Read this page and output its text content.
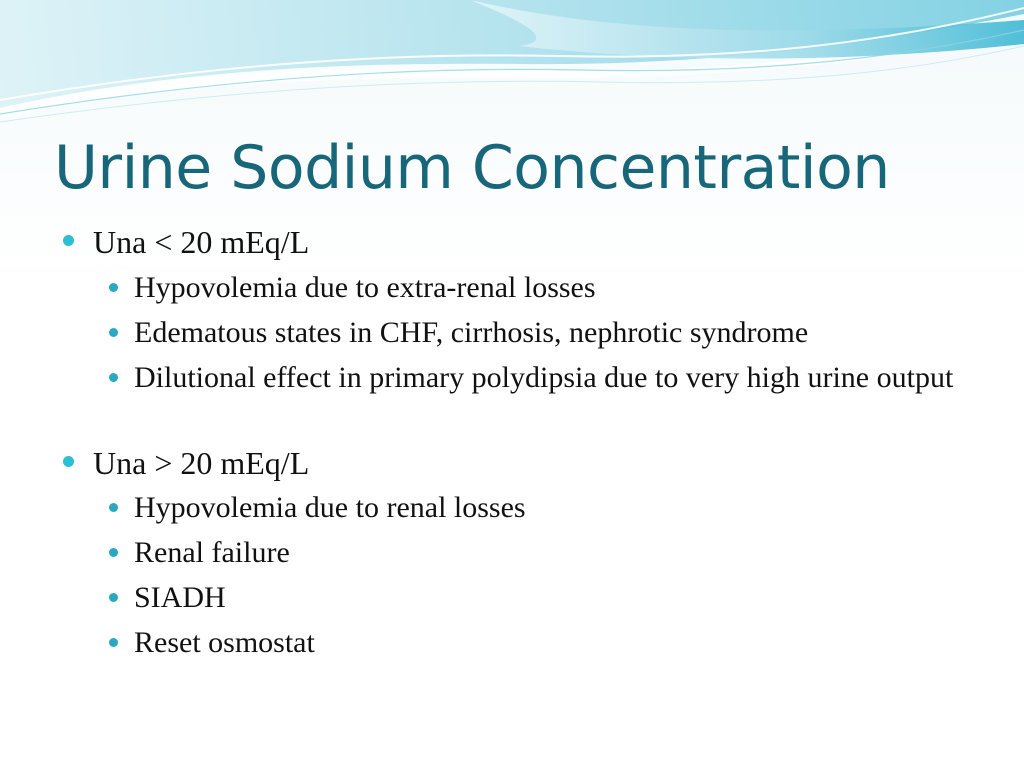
Urine Sodium Concentration
Una < 20 mEq/L
Hypovolemia due to extra-renal losses
Edematous states in CHF, cirrhosis, nephrotic syndrome
Dilutional effect in primary polydipsia due to very high urine output
Una > 20 mEq/L
Hypovolemia due to renal losses
Renal failure
SIADH
Reset osmostat
